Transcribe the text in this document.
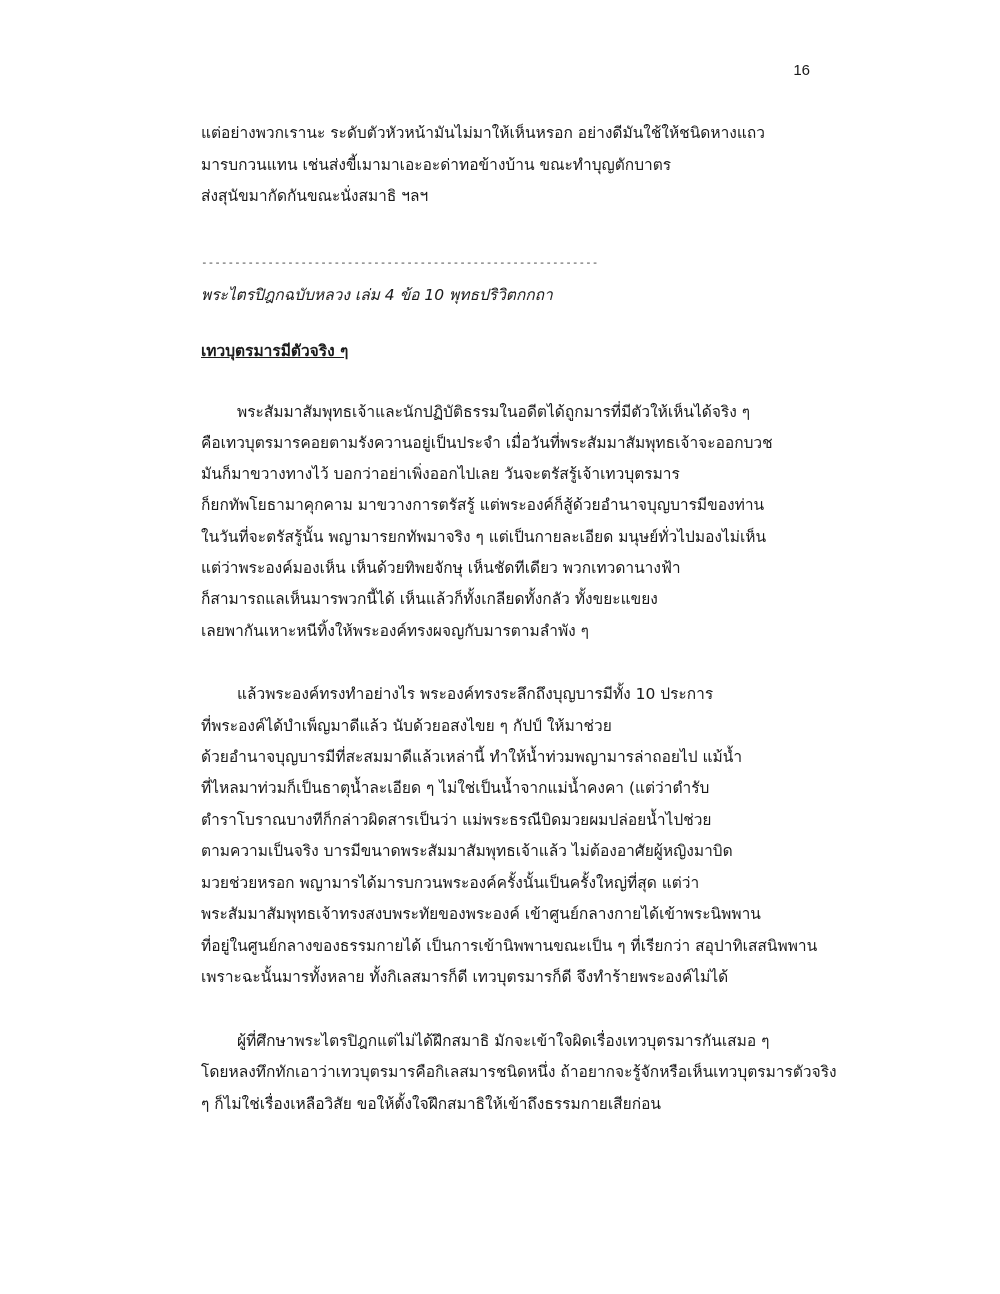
16
แต่อย่างพวกเรานะ ระดับตัวหัวหน้ามันไม่มาให้เห็นหรอก อย่างดีมันใช้ให้ชนิดหางแถว
มารบกวนแทน เช่นส่งขี้เมามาเอะอะด่าทอข้างบ้าน ขณะทำบุญตักบาตร
ส่งสุนัขมากัดกันขณะนั่งสมาธิ ฯลฯ
------------------------------------------------------------
พระไตรปิฎกฉบับหลวง เล่ม 4 ข้อ 10 พุทธปริวิตกกถา
เทวบุตรมารมีตัวจริง ๆ
พระสัมมาสัมพุทธเจ้าและนักปฏิบัติธรรมในอดีตได้ถูกมารที่มีตัวให้เห็นได้จริง ๆ
คือเทวบุตรมารคอยตามรังควานอยู่เป็นประจำ เมื่อวันที่พระสัมมาสัมพุทธเจ้าจะออกบวช
มันก็มาขวางทางไว้ บอกว่าอย่าเพิ่งออกไปเลย วันจะตรัสรู้เจ้าเทวบุตรมาร
ก็ยกทัพโยธามาคุกคาม มาขวางการตรัสรู้ แต่พระองค์ก็สู้ด้วยอำนาจบุญบารมีของท่าน
ในวันที่จะตรัสรู้นั้น พญามารยกทัพมาจริง ๆ แต่เป็นกายละเอียด มนุษย์ทั่วไปมองไม่เห็น
แต่ว่าพระองค์มองเห็น เห็นด้วยทิพยจักษุ เห็นชัดทีเดียว พวกเทวดานางฟ้า
ก็สามารถแลเห็นมารพวกนี้ได้ เห็นแล้วก็ทั้งเกลียดทั้งกลัว ทั้งขยะแขยง
เลยพากันเหาะหนีทิ้งให้พระองค์ทรงผจญกับมารตามลำพัง ๆ
แล้วพระองค์ทรงทำอย่างไร พระองค์ทรงระลึกถึงบุญบารมีทั้ง 10 ประการ
ที่พระองค์ได้บำเพ็ญมาดีแล้ว นับด้วยอสงไขย ๆ กัปป์ ให้มาช่วย
ด้วยอำนาจบุญบารมีที่สะสมมาดีแล้วเหล่านี้ ทำให้น้ำท่วมพญามารล่าถอยไป แม้น้ำ
ที่ไหลมาท่วมก็เป็นธาตุน้ำละเอียด ๆ ไม่ใช่เป็นน้ำจากแม่น้ำคงคา (แต่ว่าตำรับ
ตำราโบราณบางทีก็กล่าวผิดสารเป็นว่า แม่พระธรณีบิดมวยผมปล่อยน้ำไปช่วย
ตามความเป็นจริง บารมีขนาดพระสัมมาสัมพุทธเจ้าแล้ว ไม่ต้องอาศัยผู้หญิงมาบิด
มวยช่วยหรอก พญามารได้มารบกวนพระองค์ครั้งนั้นเป็นครั้งใหญ่ที่สุด แต่ว่า
พระสัมมาสัมพุทธเจ้าทรงสงบพระทัยของพระองค์ เข้าศูนย์กลางกายได้เข้าพระนิพพาน
ที่อยู่ในศูนย์กลางของธรรมกายได้ เป็นการเข้านิพพานขณะเป็น ๆ ที่เรียกว่า สอุปาทิเสสนิพพาน
เพราะฉะนั้นมารทั้งหลาย ทั้งกิเลสมารก็ดี เทวบุตรมารก็ดี จึงทำร้ายพระองค์ไม่ได้
ผู้ที่ศึกษาพระไตรปิฎกแต่ไม่ได้ฝึกสมาธิ มักจะเข้าใจผิดเรื่องเทวบุตรมารกันเสมอ ๆ
โดยหลงทึกทักเอาว่าเทวบุตรมารคือกิเลสมารชนิดหนึ่ง ถ้าอยากจะรู้จักหรือเห็นเทวบุตรมารตัวจริง
ๆ ก็ไม่ใช่เรื่องเหลือวิสัย ขอให้ตั้งใจฝึกสมาธิให้เข้าถึงธรรมกายเสียก่อน
